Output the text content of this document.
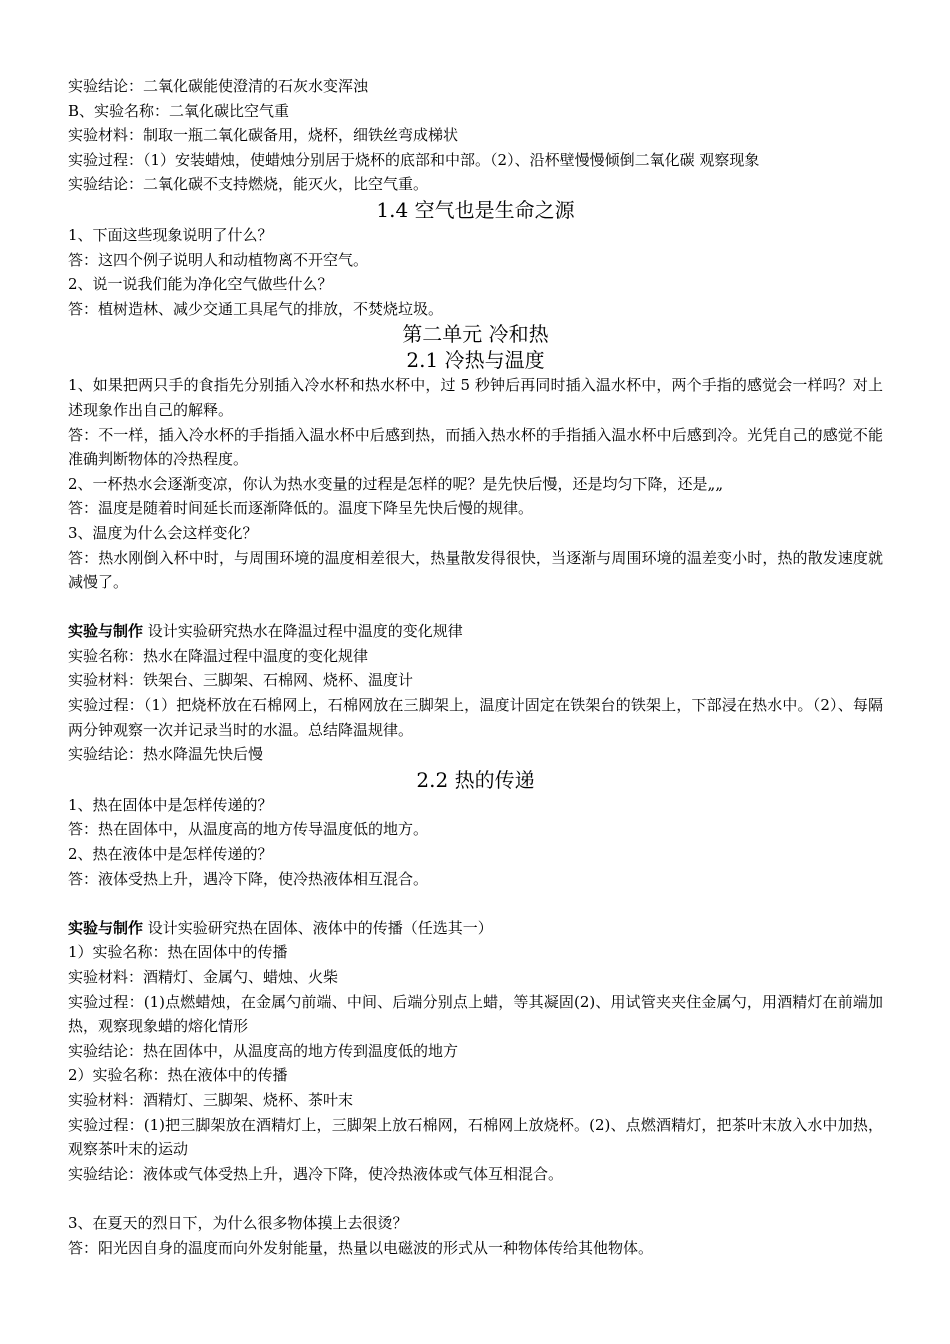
实验结论：二氧化碳能使澄清的石灰水变浑浊
B、实验名称：二氧化碳比空气重
实验材料：制取一瓶二氧化碳备用，烧杯，细铁丝弯成梯状
实验过程：（1）安装蜡烛，使蜡烛分别居于烧杯的底部和中部。（2）、沿杯壁慢慢倾倒二氧化碳 观察现象
实验结论：二氧化碳不支持燃烧，能灭火，比空气重。
1.4 空气也是生命之源
1、下面这些现象说明了什么？
答：这四个例子说明人和动植物离不开空气。
2、说一说我们能为净化空气做些什么？
答：植树造林、减少交通工具尾气的排放，不焚烧垃圾。
第二单元 冷和热
2.1 冷热与温度
1、如果把两只手的食指先分别插入冷水杯和热水杯中，过 5 秒钟后再同时插入温水杯中，两个手指的感觉会一样吗？对上述现象作出自己的解释。
答：不一样，插入冷水杯的手指插入温水杯中后感到热，而插入热水杯的手指插入温水杯中后感到冷。光凭自己的感觉不能准确判断物体的冷热程度。
2、一杯热水会逐渐变凉，你认为热水变量的过程是怎样的呢？是先快后慢，还是均匀下降，还是„„
答：温度是随着时间延长而逐渐降低的。温度下降呈先快后慢的规律。
3、温度为什么会这样变化？
答：热水刚倒入杯中时，与周围环境的温度相差很大，热量散发得很快，当逐渐与周围环境的温差变小时，热的散发速度就减慢了。
实验与制作 设计实验研究热水在降温过程中温度的变化规律
实验名称：热水在降温过程中温度的变化规律
实验材料：铁架台、三脚架、石棉网、烧杯、温度计
实验过程：（1）把烧杯放在石棉网上，石棉网放在三脚架上，温度计固定在铁架台的铁架上，下部浸在热水中。（2）、每隔两分钟观察一次并记录当时的水温。总结降温规律。
实验结论：热水降温先快后慢
2.2 热的传递
1、热在固体中是怎样传递的？
答：热在固体中，从温度高的地方传导温度低的地方。
2、热在液体中是怎样传递的？
答：液体受热上升，遇冷下降，使冷热液体相互混合。
实验与制作 设计实验研究热在固体、液体中的传播（任选其一）
1）实验名称：热在固体中的传播
实验材料：酒精灯、金属勺、蜡烛、火柴
实验过程：(1)点燃蜡烛，在金属勺前端、中间、后端分别点上蜡，等其凝固(2)、用试管夹夹住金属勺，用酒精灯在前端加热，观察现象蜡的熔化情形
实验结论：热在固体中，从温度高的地方传到温度低的地方
2）实验名称：热在液体中的传播
实验材料：酒精灯、三脚架、烧杯、茶叶末
实验过程：(1)把三脚架放在酒精灯上，三脚架上放石棉网，石棉网上放烧杯。(2)、点燃酒精灯，把茶叶末放入水中加热，观察茶叶末的运动
实验结论：液体或气体受热上升，遇冷下降，使冷热液体或气体互相混合。
3、在夏天的烈日下，为什么很多物体摸上去很烫？
答：阳光因自身的温度而向外发射能量，热量以电磁波的形式从一种物体传给其他物体。
